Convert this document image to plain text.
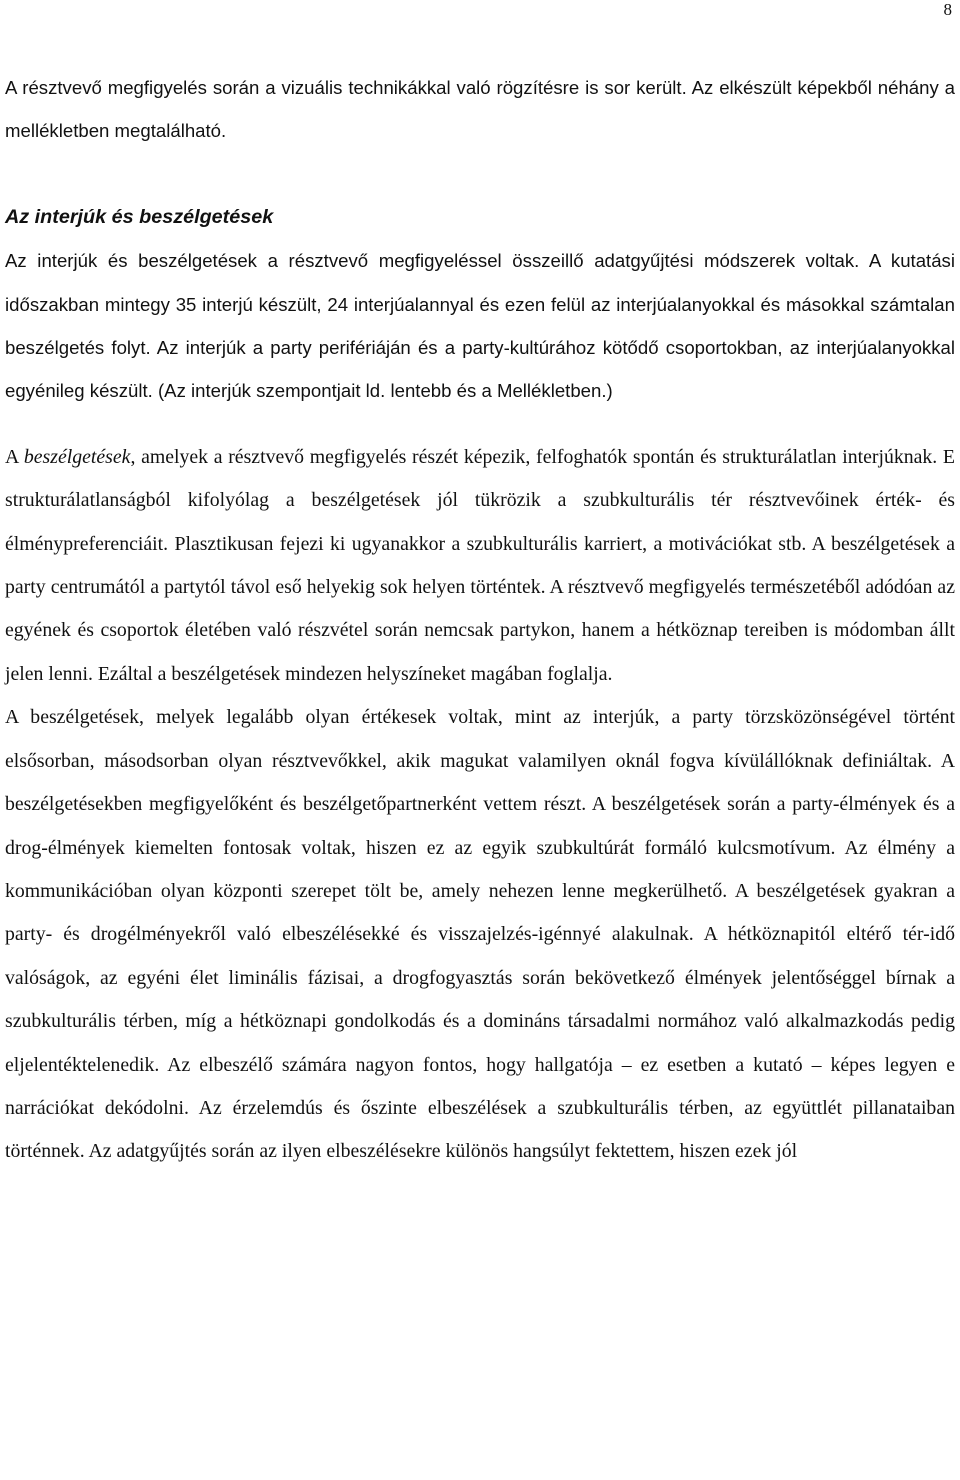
8

A résztvevő megfigyelés során a vizuális technikákkal való rögzítésre is sor került. Az elkészült képekből néhány a mellékletben megtalálható.

Az interjúk és beszélgetések

Az interjúk és beszélgetések a résztvevő megfigyeléssel összeillő adatgyűjtési módszerek voltak. A kutatási időszakban mintegy 35 interjú készült, 24 interjúalannyal és ezen felül az interjúalanyokkal és másokkal számtalan beszélgetés folyt. Az interjúk a party perifériáján és a party-kultúrához kötődő csoportokban, az interjúalanyokkal egyénileg készült. (Az interjúk szempontjait ld. lentebb és a Mellékletben.)

A beszélgetések, amelyek a résztvevő megfigyelés részét képezik, felfoghatók spontán és strukturálatlan interjúknak. E strukturálatlanságból kifolyólag a beszélgetések jól tükrözik a szubkulturális tér résztvevőinek érték- és élménypreferenciáit. Plasztikusan fejezi ki ugyanakkor a szubkulturális karriert, a motivációkat stb. A beszélgetések a party centrumától a partytól távol eső helyekig sok helyen történtek. A résztvevő megfigyelés természetéből adódóan az egyének és csoportok életében való részvétel során nemcsak partykon, hanem a hétköznap tereiben is módomban állt jelen lenni. Ezáltal a beszélgetések mindezen helyszíneket magában foglalja.

A beszélgetések, melyek legalább olyan értékesek voltak, mint az interjúk, a party törzsközönségével történt elsősorban, másodsorban olyan résztvevőkkel, akik magukat valamilyen oknál fogva kívülállóknak definiáltak. A beszélgetésekben megfigyelőként és beszélgetőpartnerként vettem részt. A beszélgetések során a party-élmények és a drog-élmények kiemelten fontosak voltak, hiszen ez az egyik szubkultúrát formáló kulcsmotívum. Az élmény a kommunikációban olyan központi szerepet tölt be, amely nehezen lenne megkerülhető. A beszélgetések gyakran a party- és drogélményekről való elbeszélésekké és visszajelzés-igénnyé alakulnak. A hétköznapitól eltérő tér-idő valóságok, az egyéni élet liminális fázisai, a drogfogyasztás során bekövetkező élmények jelentőséggel bírnak a szubkulturális térben, míg a hétköznapi gondolkodás és a domináns társadalmi normához való alkalmazkodás pedig eljelentéktelenedik. Az elbeszélő számára nagyon fontos, hogy hallgatója – ez esetben a kutató – képes legyen e narrációkat dekódolni. Az érzelemdús és őszinte elbeszélések a szubkulturális térben, az együttlét pillanataiban történnek. Az adatgyűjtés során az ilyen elbeszélésekre különös hangsúlyt fektettem, hiszen ezek jól
